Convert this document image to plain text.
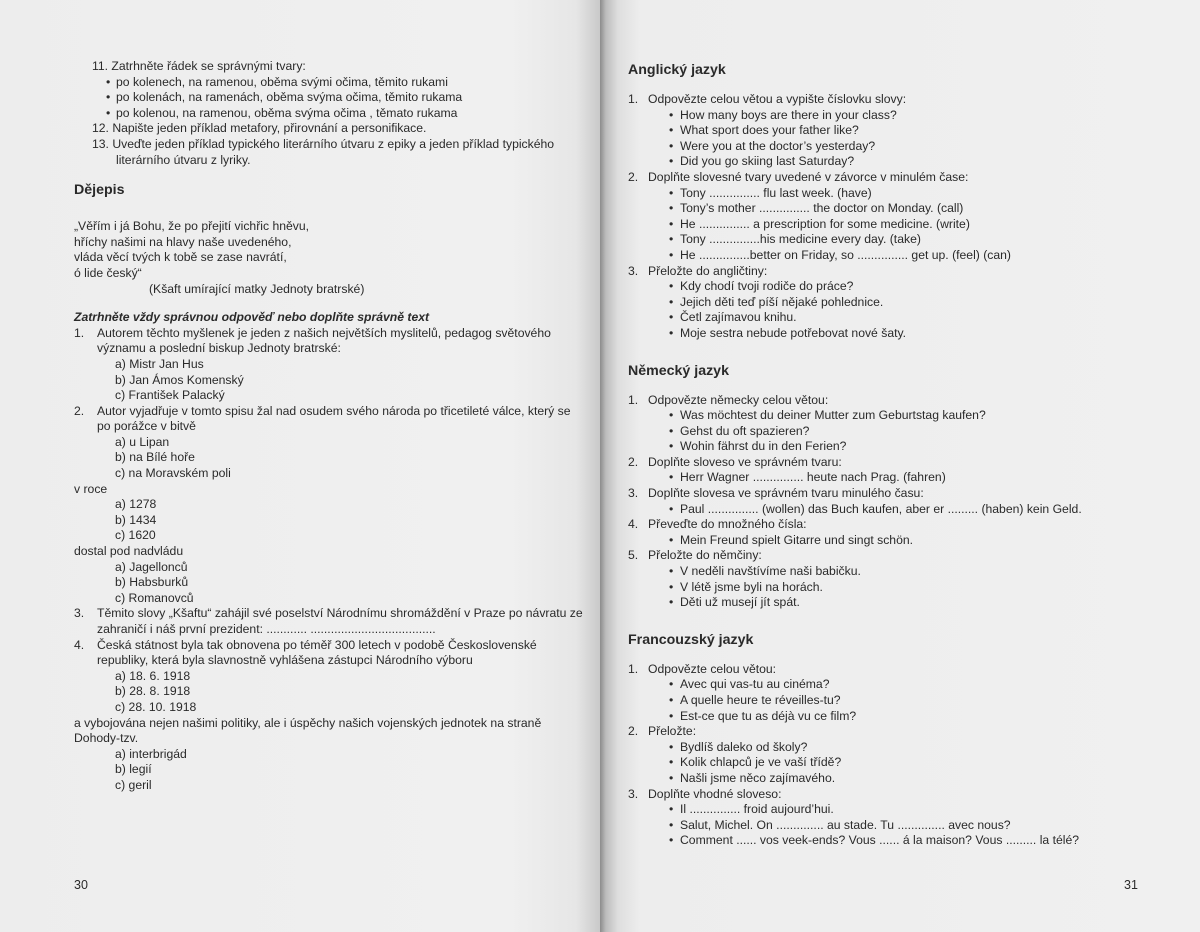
11. Zatrhněte řádek se správnými tvary:
• po kolenech, na ramenou, oběma svými očima, těmito rukami
• po kolenách, na ramenách, oběma svýma očima, těmito rukama
• po kolenou, na ramenou, oběma svýma očima , těmato rukama
12. Napište jeden příklad metafory, přirovnání a personifikace.
13. Uveďte jeden příklad typického literárního útvaru z epiky a jeden příklad typického
literárního útvaru z lyriky.
Dějepis
„Věřím i já Bohu, že po přejití vichřic hněvu,
hříchy našimi na hlavy naše uvedeného,
vláda věcí tvých k tobě se zase navrátí,
ó lide český“
(Kšaft umírající matky Jednoty bratrské)
Zatrhněte vždy správnou odpověď nebo doplňte správně text
1. Autorem těchto myšlenek je jeden z našich největších myslitelů, pedagog světového významu a poslední biskup Jednoty bratrské:
a) Mistr Jan Hus
b) Jan Ámos Komenský
c) František Palacký
2. Autor vyjadřuje v tomto spisu žal nad osudem svého národa po třicetileté válce, který se po porážce v bitvě
a) u Lipan
b) na Bílé hoře
c) na Moravském poli
v roce
a) 1278
b) 1434
c) 1620
dostal pod nadvládu
a) Jagellonců
b) Habsburků
c) Romanovců
3. Těmito slovy „Kšaftu“ zahájil své poselství Národnímu shromáždění v Praze po návratu ze zahraničí i náš první prezident: ............ .....................................
4. Česká státnost byla tak obnovena po téměř 300 letech v podobě Československé republiky, která byla slavnostně vyhlášena zástupci Národního výboru
a) 18. 6. 1918
b) 28. 8. 1918
c) 28. 10. 1918
a vybojována nejen našimi politiky, ale i úspěchy našich vojenských jednotek na straně Dohody-tzv.
a) interbrigád
b) legií
c) geril
30
Anglický jazyk
1. Odpovězte celou větou a vypište číslovku slovy:
• How many boys are there in your class?
• What sport does your father like?
• Were you at the doctor’s yesterday?
• Did you go skiing last Saturday?
2. Doplňte slovesné tvary uvedené v závorce v minulém čase:
• Tony ............... flu last week. (have)
• Tony’s mother ............... the doctor on Monday. (call)
• He ............... a prescription for some medicine. (write)
• Tony ...............his medicine every day. (take)
• He ...............better on Friday, so ............... get up. (feel) (can)
3. Přeložte do angličtiny:
• Kdy chodí tvoji rodiče do práce?
• Jejich děti teď píší nějaké pohlednice.
• Četl zajímavou knihu.
• Moje sestra nebude potřebovat nové šaty.
Německý jazyk
1. Odpovězte německy celou větou:
• Was möchtest du deiner Mutter zum Geburtstag kaufen?
• Gehst du oft spazieren?
• Wohin fährst du in den Ferien?
2. Doplňte sloveso ve správném tvaru:
• Herr Wagner ............... heute nach Prag. (fahren)
3. Doplňte slovesa ve správném tvaru minulého času:
• Paul ............... (wollen) das Buch kaufen, aber er ......... (haben) kein Geld.
4. Převeďte do množného čísla:
• Mein Freund spielt Gitarre und singt schön.
5. Přeložte do němčiny:
• V neděli navštívíme naši babičku.
• V létě jsme byli na horách.
• Děti už musejí jít spát.
Francouzský jazyk
1. Odpovězte celou větou:
• Avec qui vas-tu au cinéma?
• A quelle heure te réveilles-tu?
• Est-ce que tu as déjà vu ce film?
2. Přeložte:
• Bydlíš daleko od školy?
• Kolik chlapců je ve vaší třídě?
• Našli jsme něco zajímavého.
3. Doplňte vhodné sloveso:
• Il ............... froid aujourd’hui.
• Salut, Michel. On .............. au stade. Tu .............. avec nous?
• Comment ...... vos veek-ends? Vous ...... á la maison? Vous ......... la télé?
31
